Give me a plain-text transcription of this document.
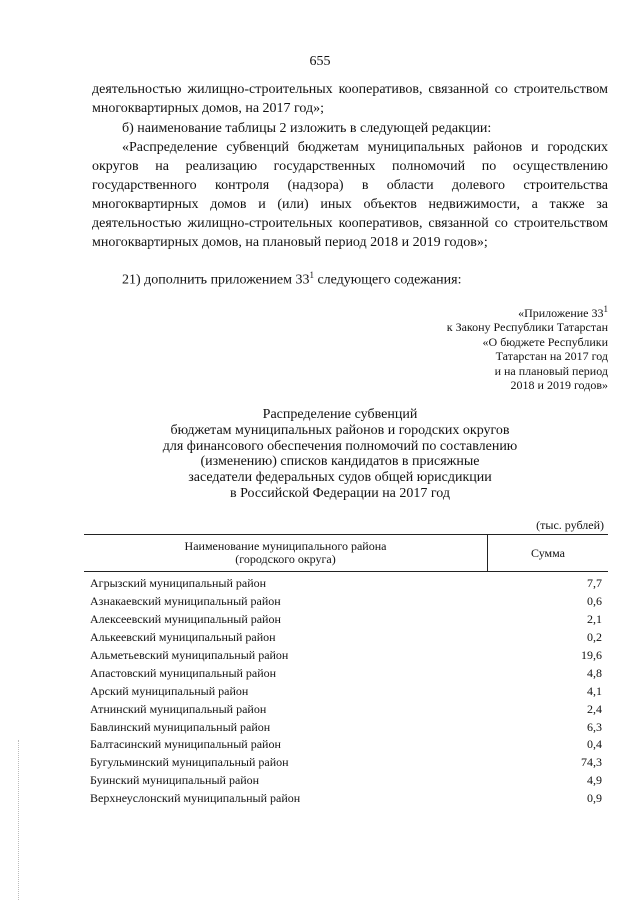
655
деятельностью жилищно-строительных кооперативов, связанной со строительством многоквартирных домов, на 2017 год»;
б) наименование таблицы 2 изложить в следующей редакции:
«Распределение субвенций бюджетам муниципальных районов и городских округов на реализацию государственных полномочий по осуществлению государственного контроля (надзора) в области долевого строительства многоквартирных домов и (или) иных объектов недвижимости, а также за деятельностью жилищно-строительных кооперативов, связанной со строительством многоквартирных домов, на плановый период 2018 и 2019 годов»;
21) дополнить приложением $33^1$ следующего содежания:
«Приложение $33^1$
к Закону Республики Татарстан
«О бюджете Республики
Татарстан на 2017 год
и на плановый период
2018 и 2019 годов»
Распределение субвенций
бюджетам муниципальных районов и городских округов
для финансового обеспечения полномочий по составлению
(изменению) списков кандидатов в присяжные
заседатели федеральных судов общей юрисдикции
в Российской Федерации на 2017 год
(тыс. рублей)
Наименование муниципального района
(городского округа)	Сумма
Агрызский муниципальный район	7,7
Азнакаевский муниципальный район	0,6
Алексеевский муниципальный район	2,1
Алькеевский муниципальный район	0,2
Альметьевский муниципальный район	19,6
Апастовский муниципальный район	4,8
Арский муниципальный район	4,1
Атнинский муниципальный район	2,4
Бавлинский муниципальный район	6,3
Балтасинский муниципальный район	0,4
Бугульминский муниципальный район	74,3
Буинский муниципальный район	4,9
Верхнеуслонский муниципальный район	0,9
